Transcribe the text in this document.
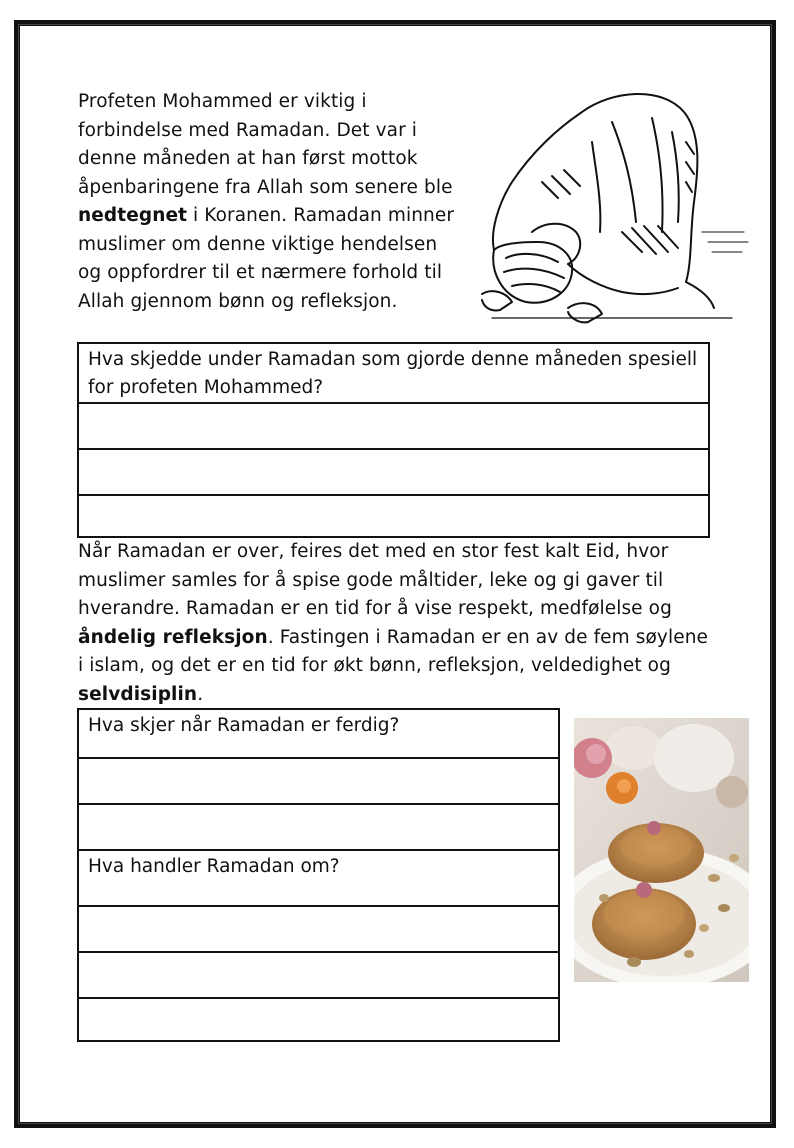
Profeten Mohammed er viktig i forbindelse med Ramadan. Det var i denne måneden at han først mottok åpenbaringene fra Allah som senere ble nedtegnet i Koranen. Ramadan minner muslimer om denne viktige hendelsen og oppfordrer til et nærmere forhold til Allah gjennom bønn og refleksjon.

Hva skjedde under Ramadan som gjorde denne måneden spesiell for profeten Mohammed?

Når Ramadan er over, feires det med en stor fest kalt Eid, hvor muslimer samles for å spise gode måltider, leke og gi gaver til hverandre. Ramadan er en tid for å vise respekt, medfølelse og åndelig refleksjon. Fastingen i Ramadan er en av de fem søylene i islam, og det er en tid for økt bønn, refleksjon, veldedighet og selvdisiplin.

Hva skjer når Ramadan er ferdig?
Hva handler Ramadan om?
